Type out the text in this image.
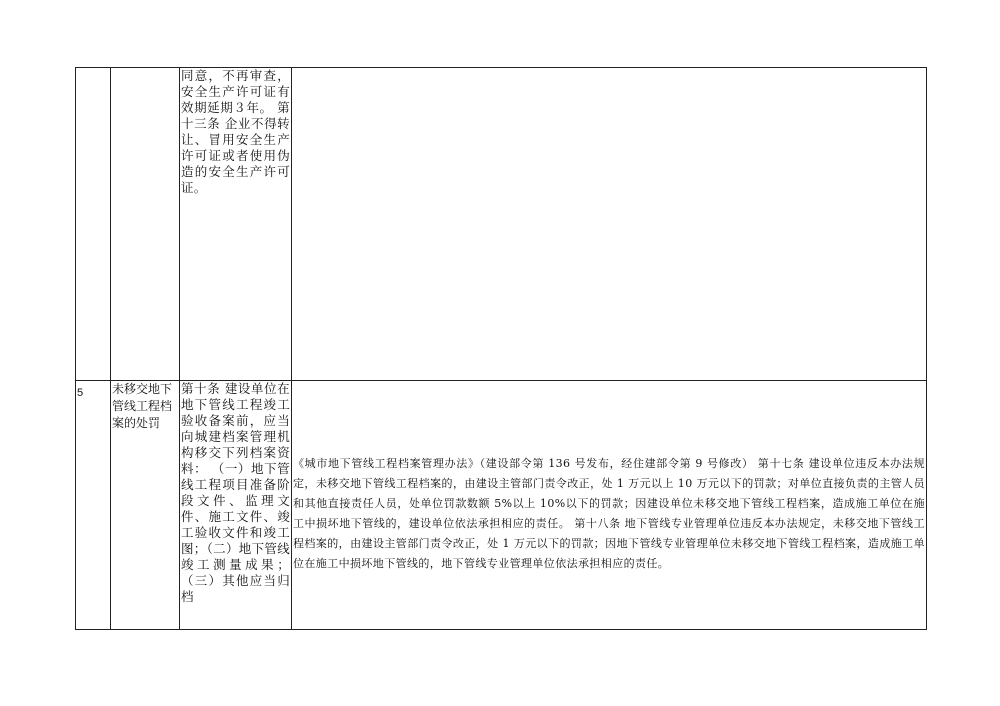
		同意，不再审查，安全生产许可证有效期延期３年。 第十三条 企业不得转让、冒用安全生产许可证或者使用伪造的安全生产许可证。	

5	未移交地下管线工程档案的处罚	第十条 建设单位在地下管线工程竣工验收备案前，应当向城建档案管理机构移交下列档案资料： （一）地下管线工程项目准备阶段文件、监理文件、施工文件、竣工验收文件和竣工图；（二）地下管线竣工测量成果；（三）其他应当归档	《城市地下管线工程档案管理办法》（建设部令第 136 号发布，经住建部令第 9 号修改） 第十七条 建设单位违反本办法规定，未移交地下管线工程档案的，由建设主管部门责令改正，处 1 万元以上 10 万元以下的罚款；对单位直接负责的主管人员和其他直接责任人员，处单位罚款数额 5%以上 10%以下的罚款；因建设单位未移交地下管线工程档案，造成施工单位在施工中损坏地下管线的，建设单位依法承担相应的责任。 第十八条 地下管线专业管理单位违反本办法规定，未移交地下管线工程档案的，由建设主管部门责令改正，处 1 万元以下的罚款；因地下管线专业管理单位未移交地下管线工程档案，造成施工单位在施工中损坏地下管线的，地下管线专业管理单位依法承担相应的责任。
